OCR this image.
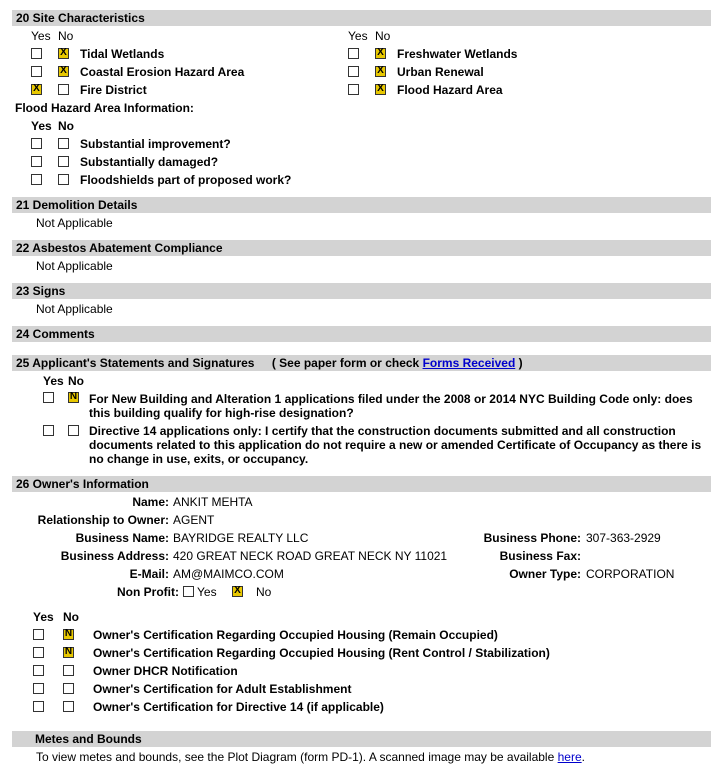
20 Site Characteristics
Yes No	Yes No
X Tidal Wetlands
X Coastal Erosion Hazard Area
X	Fire District
X Freshwater Wetlands
X Urban Renewal
X Flood Hazard Area
Flood Hazard Area Information:
Yes No
Substantial improvement?
Substantially damaged?
Floodshields part of proposed work?
21 Demolition Details
Not Applicable
22 Asbestos Abatement Compliance
Not Applicable
23 Signs
Not Applicable
24 Comments
25 Applicant's Statements and Signatures ( See paper form or check Forms Received )
Yes No
N For New Building and Alteration 1 applications filed under the 2008 or 2014 NYC Building Code only: does
this building qualify for high-rise designation?
Directive 14 applications only: I certify that the construction documents submitted and all construction
documents related to this application do not require a new or amended Certificate of Occupancy as there is
no change in use, exits, or occupancy.
26 Owner's Information
Name: ANKIT MEHTA
Relationship to Owner: AGENT
Business Name: BAYRIDGE REALTY LLC
Business Address: 420 GREAT NECK ROAD GREAT NECK NY 11021
E-Mail: AM@MAIMCO.COM
Non Profit: Yes X No
Business Phone: 307-363-2929
Business Fax:
Owner Type: CORPORATION
Yes No
N Owner's Certification Regarding Occupied Housing (Remain Occupied)
N Owner's Certification Regarding Occupied Housing (Rent Control / Stabilization)
Owner DHCR Notification
Owner's Certification for Adult Establishment
Owner's Certification for Directive 14 (if applicable)
Metes and Bounds
To view metes and bounds, see the Plot Diagram (form PD-1). A scanned image may be available here.
